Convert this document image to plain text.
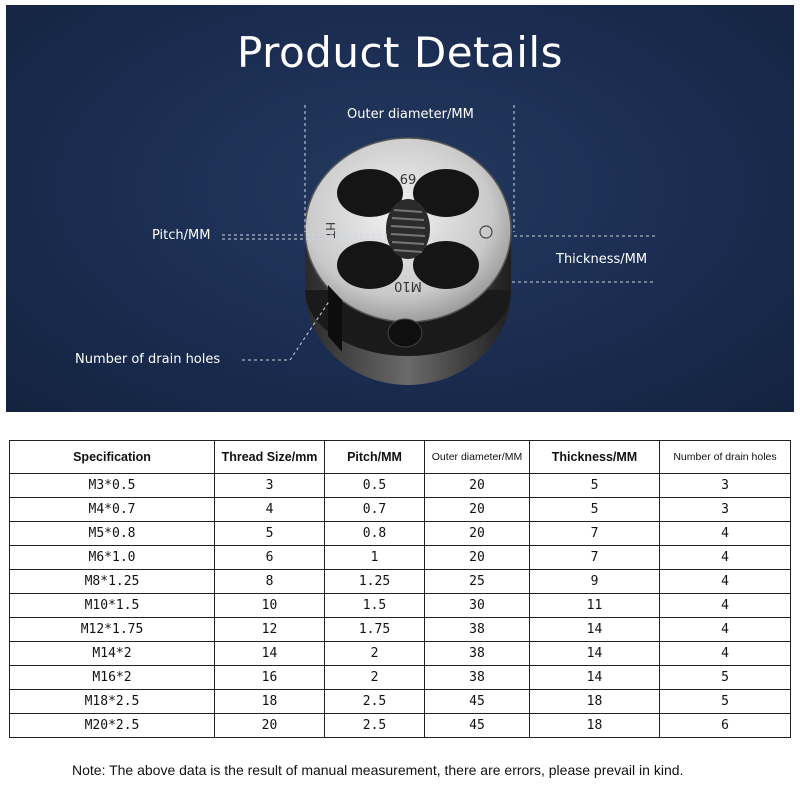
69
M10
HT
Product Details
Outer diameter/MM
Pitch/MM
Thickness/MM
Number of drain holes
Specification	Thread Size/mm	Pitch/MM	Outer diameter/MM	Thickness/MM	Number of drain holes
M3*0.5	3	0.5	20	5	3
M4*0.7	4	0.7	20	5	3
M5*0.8	5	0.8	20	7	4
M6*1.0	6	1	20	7	4
M8*1.25	8	1.25	25	9	4
M10*1.5	10	1.5	30	11	4
M12*1.75	12	1.75	38	14	4
M14*2	14	2	38	14	4
M16*2	16	2	38	14	5
M18*2.5	18	2.5	45	18	5
M20*2.5	20	2.5	45	18	6
Note: The above data is the result of manual measurement, there are errors, please prevail in kind.
